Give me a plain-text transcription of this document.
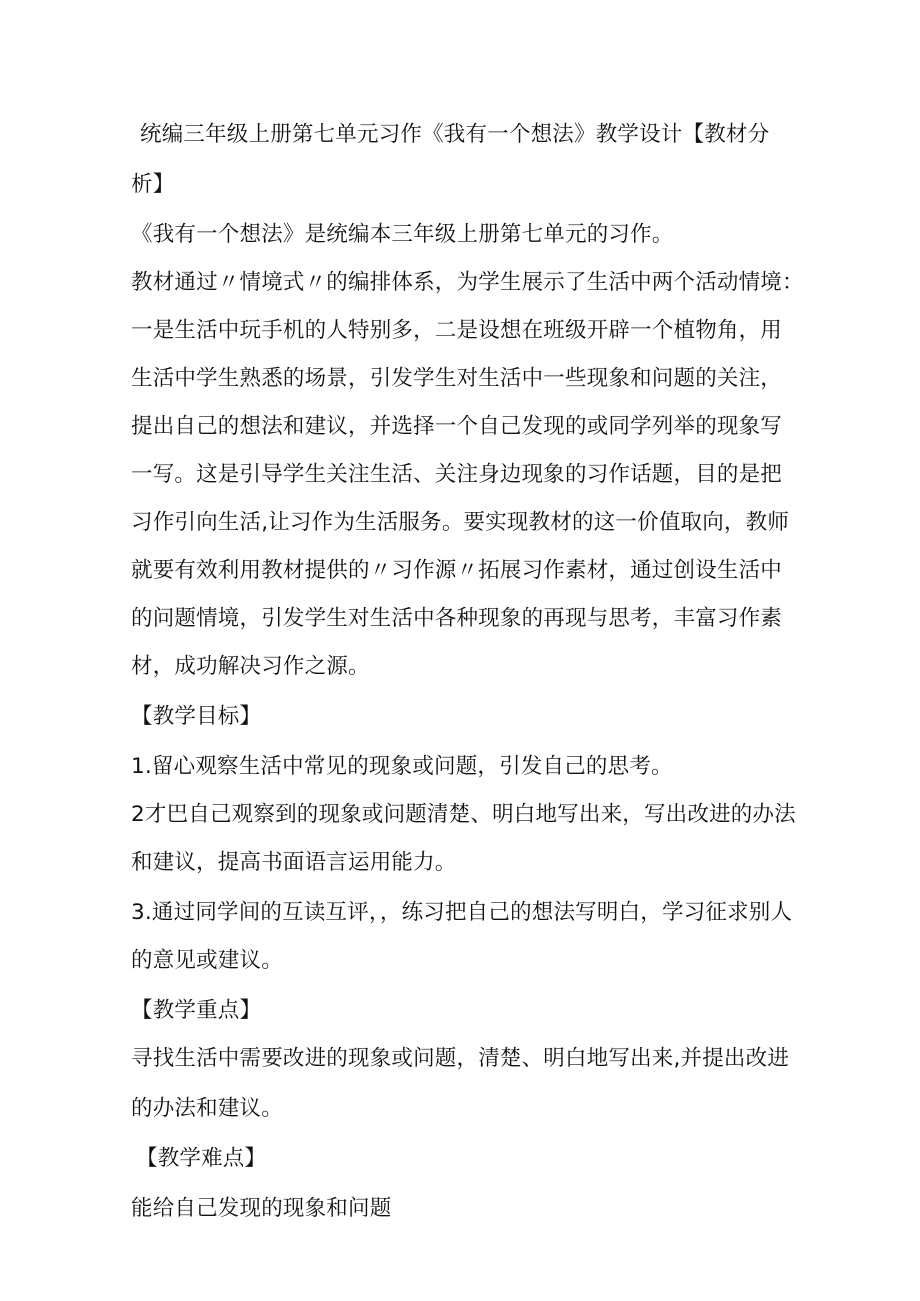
统编三年级上册第七单元习作《我有一个想法》教学设计【教材分
析】
《我有一个想法》是统编本三年级上册第七单元的习作。
教材通过〃情境式〃的编排体系，为学生展示了生活中两个活动情境：
一是生活中玩手机的人特别多，二是设想在班级开辟一个植物角，用
生活中学生熟悉的场景，引发学生对生活中一些现象和问题的关注，
提出自己的想法和建议，并选择一个自己发现的或同学列举的现象写
一写。这是引导学生关注生活、关注身边现象的习作话题，目的是把
习作引向生活,让习作为生活服务。要实现教材的这一价值取向，教师
就要有效利用教材提供的〃习作源〃拓展习作素材，通过创设生活中
的问题情境，引发学生对生活中各种现象的再现与思考，丰富习作素
材，成功解决习作之源。
【教学目标】
1.留心观察生活中常见的现象或问题，引发自己的思考。
2才巴自己观察到的现象或问题清楚、明白地写出来，写出改进的办法
和建议，提高书面语言运用能力。
3.通过同学间的互读互评，，练习把自己的想法写明白，学习征求别人
的意见或建议。
【教学重点】
寻找生活中需要改进的现象或问题，清楚、明白地写出来,并提出改进
的办法和建议。
【教学难点】
能给自己发现的现象和问题
